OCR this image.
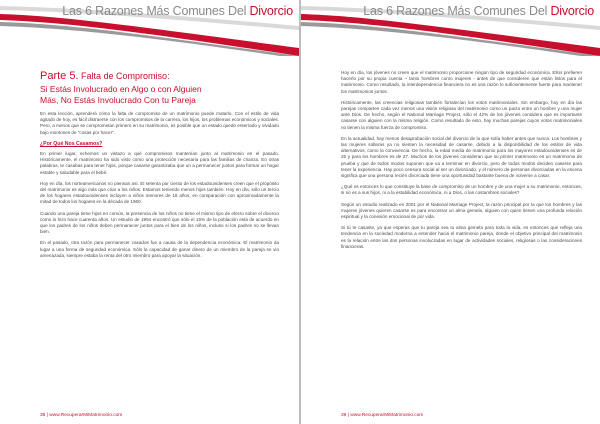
Las 6 Razones Más Comunes Del Divorcio
Parte 5. Falta de Compromiso:
Si Estás Involucrado en Algo o con Alguien
Más, No Estás Involucrado Con tu Pareja

En esta lección, aprenderá cómo la falta de compromiso de un matrimonio puede matarlo. Con el estilo de vida agitado de hoy, es fácil distraerse con los compromisos de la carrera, los hijos, los problemas económicos y sociales. Pero, a menos que se comprometan primero en su matrimonio, es posible que un estado quede enterrado y olvidado bajo montones de "cosas por hacer".

¿Por Qué Nos Casamos?

En primer lugar, echemos un vistazo a qué compromisos mantenían junto al matrimonio en el pasado. Históricamente, el matrimonio ha sido visto como una protección necesaria para las familias de crianza. En otras palabras, te casabas para tener hijos, porque casarse garantizaba que un a permanecer juntos para formar un hogar estable y saludable para el bebé.

Hoy en día, los norteamericanos no piensan así. El setenta por ciento de los estadounidenses creen que el propósito del matrimonio es algo más que criar a los niños. Estamos teniendo menos hijos también. Hoy en día, sólo un tercio de los hogares estadounidenses incluyen a niños menores de 18 años, en comparación con aproximadamente la mitad de todos los hogares en la década de 1960.

Cuando una pareja tiene hijos en común, la presencia de los niños no tiene el mismo tipo de efecto sobre el divorcio como lo hizo hace cuarenta años. Un estudio de 1994 encontró que sólo el 15% de la población está de acuerdo en que los padres de los niños deben permanecer juntos para el bien de los niños, incluso si los padres no se llevan bien.

En el pasado, otra razón para permanecer casados fue a causa de la dependencia económica. El matrimonio da lugar a una forma de seguridad económica. Sólo la capacidad de ganar dinero de un miembro de la pareja se vio amenazada, siempre estaba la renta del otro miembro para apoyar la situación.

38 | www.RecuperarMiMatrimonio.com
Las 6 Razones Más Comunes Del Divorcio

Hoy en día, los jóvenes no creen que el matrimonio proporcione ningún tipo de seguridad económica. Ellos prefieren hacerlo por su propia cuenta – tanto hombres como mujeres - antes de que consideren que están listos para el matrimonio. Como resultado, la interdependencia financiera no es una razón lo suficientemente fuerte para mantener los matrimonios juntos.

Históricamente, las creencias religiosas también fortalecían los votos matrimoniales. Sin embargo, hoy en día las parejas comparten cada vez menos una visión religiosa del matrimonio como un pacto entre un hombre y una mujer ante Dios. De hecho, según el National Marriage Project, sólo el 42% de los jóvenes considera que es importante casarse con alguien con la misma religión. Como resultado de esto, hay muchas parejas cuyos votos matrimoniales no tienen la misma fuerza de compromiso.

En la actualidad, hay menos desaprobación social del divorcio de la que solía haber antes que nunca. Los hombres y las mujeres solteras ya no sienten la necesidad de casarse, debido a la disponibilidad de los estilos de vida alternativos, como la convivencia. De hecho, la edad media de matrimonio para los mayores estadounidenses es de 25 y para los hombres es de 27. Muchos de los jóvenes consideran que su primer matrimonio es un matrimonio de prueba y que de todos modos suponen que va a terminar en divorcio, pero de todos modos deciden casarse para tener la experiencia. Hay poco censura social al ser un divorciado, y el número de personas divorciadas en la escena significa que una persona recién divorciada tiene una oportunidad bastante buena de volverse a casar.

¿Qué es entonces lo que constituye la base de compromiso de un hombre y de una mujer a su matrimonio, entonces, si no es a sus hijos, ni a la estabilidad económica, ni a Dios, o las costumbres sociales?

Según un estudio realizado en 2001 por el National Marriage Project, la razón principal por la que los hombres y las mujeres jóvenes quieren casarse es para encontrar un alma gemela, alguien con quien tienen una profunda relación espiritual y la conexión emocional de por vida.

Si tú te casaste, ya que esperas que tu pareja sea tu alma gemela para toda la vida, es entonces que refleja una tendencia en la sociedad moderna a entender hacia el matrimonio pareja, donde el objetivo principal del matrimonio es la relación entre las dos personas involucradas en lugar de actividades sociales, religiosas o las consideraciones financieras.

39 | www.RecuperarMiMatrimonio.com
